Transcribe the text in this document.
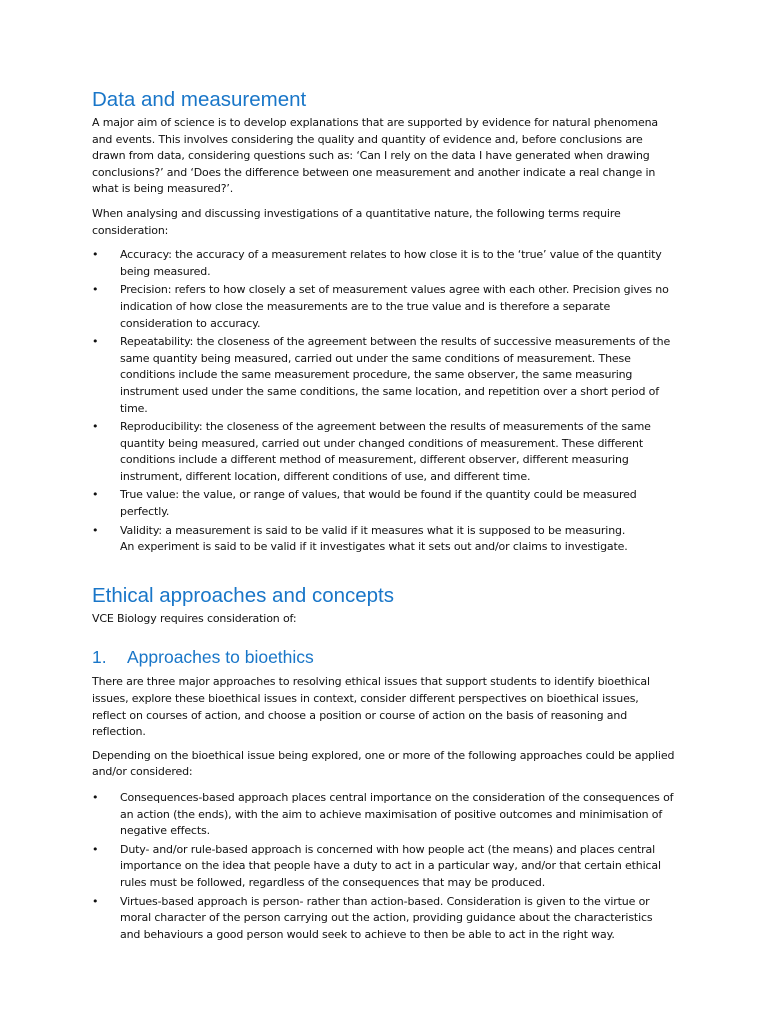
Data and measurement

A major aim of science is to develop explanations that are supported by evidence for natural phenomena and events. This involves considering the quality and quantity of evidence and, before conclusions are drawn from data, considering questions such as: ‘Can I rely on the data I have generated when drawing conclusions?’ and ‘Does the difference between one measurement and another indicate a real change in what is being measured?’.

When analysing and discussing investigations of a quantitative nature, the following terms require consideration:

• Accuracy: the accuracy of a measurement relates to how close it is to the ‘true’ value of the quantity being measured.
• Precision: refers to how closely a set of measurement values agree with each other. Precision gives no indication of how close the measurements are to the true value and is therefore a separate consideration to accuracy.
• Repeatability: the closeness of the agreement between the results of successive measurements of the same quantity being measured, carried out under the same conditions of measurement. These conditions include the same measurement procedure, the same observer, the same measuring instrument used under the same conditions, the same location, and repetition over a short period of time.
• Reproducibility: the closeness of the agreement between the results of measurements of the same quantity being measured, carried out under changed conditions of measurement. These different conditions include a different method of measurement, different observer, different measuring instrument, different location, different conditions of use, and different time.
• True value: the value, or range of values, that would be found if the quantity could be measured perfectly.
• Validity: a measurement is said to be valid if it measures what it is supposed to be measuring.
An experiment is said to be valid if it investigates what it sets out and/or claims to investigate.
Ethical approaches and concepts

VCE Biology requires consideration of:

1. Approaches to bioethics

There are three major approaches to resolving ethical issues that support students to identify bioethical issues, explore these bioethical issues in context, consider different perspectives on bioethical issues, reflect on courses of action, and choose a position or course of action on the basis of reasoning and reflection.

Depending on the bioethical issue being explored, one or more of the following approaches could be applied and/or considered:

• Consequences-based approach places central importance on the consideration of the consequences of an action (the ends), with the aim to achieve maximisation of positive outcomes and minimisation of negative effects.
• Duty- and/or rule-based approach is concerned with how people act (the means) and places central importance on the idea that people have a duty to act in a particular way, and/or that certain ethical rules must be followed, regardless of the consequences that may be produced.
• Virtues-based approach is person- rather than action-based. Consideration is given to the virtue or moral character of the person carrying out the action, providing guidance about the characteristics and behaviours a good person would seek to achieve to then be able to act in the right way.
